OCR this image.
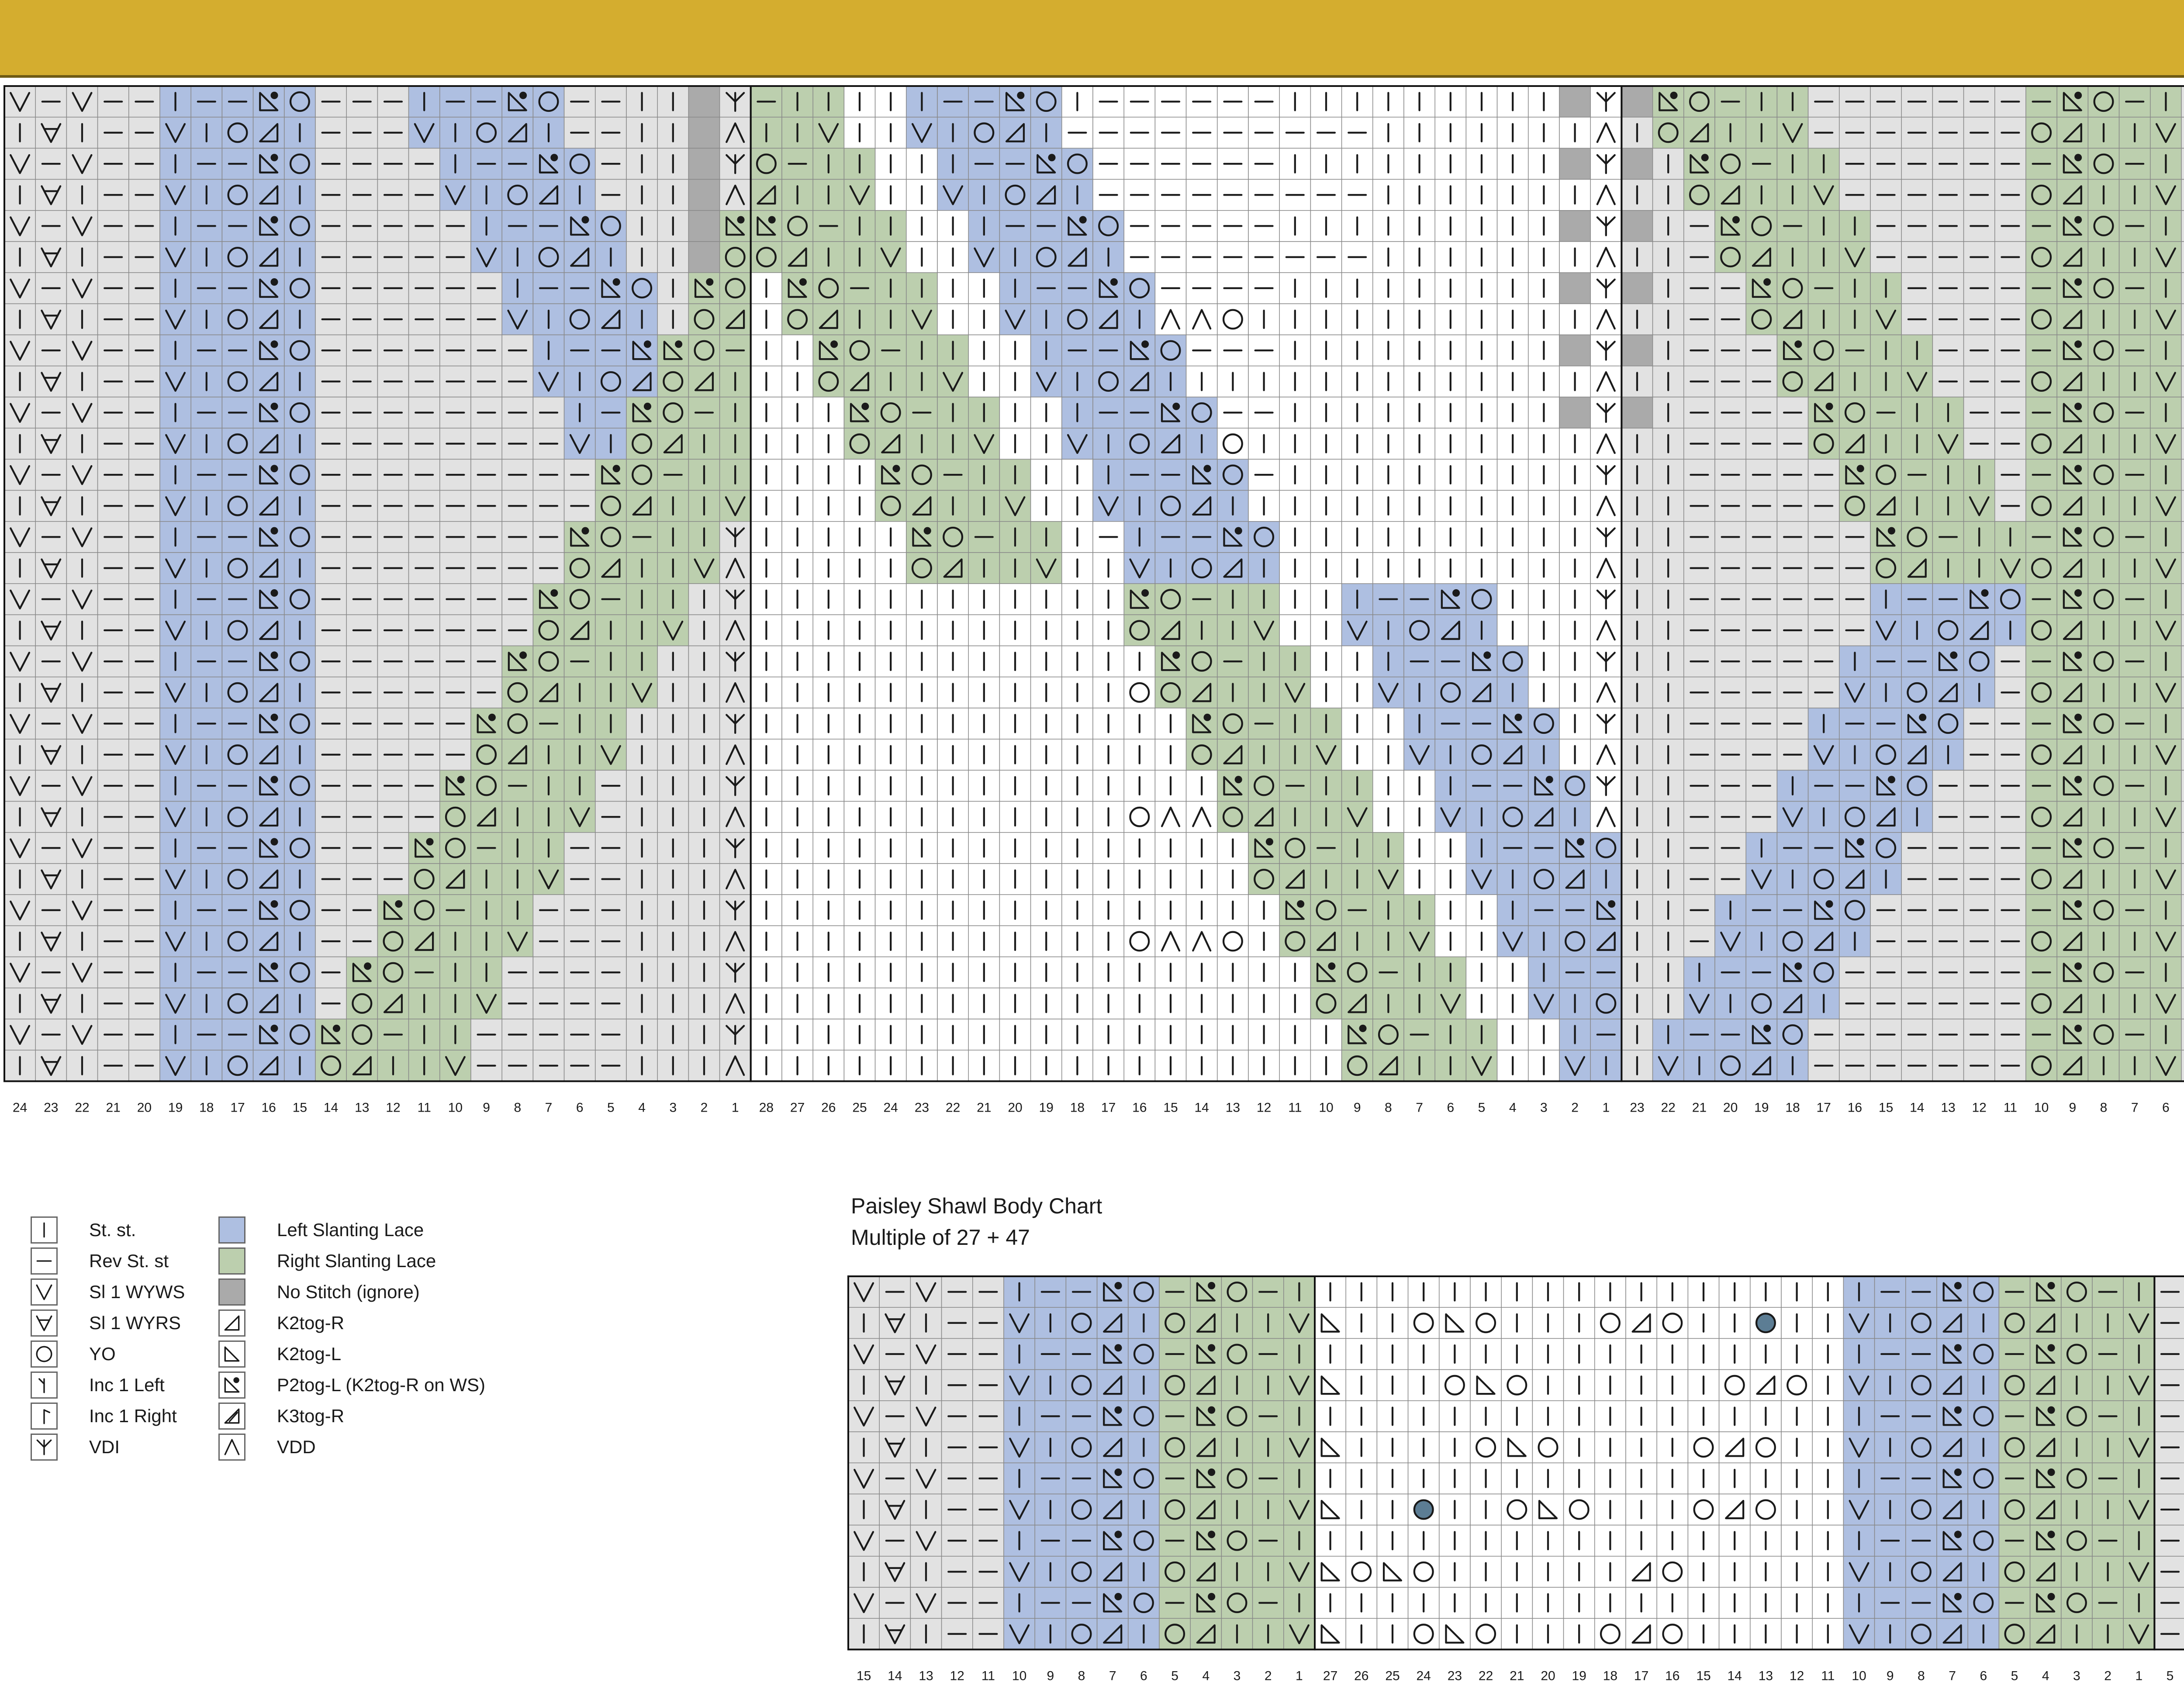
24 23 22 21 20 19 18 17 16 15 14 13 12 11 10 9 8 7 6 5 4 3 2 1 28 27 26 25 24 23 22 21 20 19 18 17 16 15 14 13 12 11 10 9 8 7 6 5 4 3 2 1 23 22 21 20 19 18 17 16 15 14 13 12 11 10 9 8 7 6
St. st.
Rev St. st
Sl 1 WYWS
Sl 1 WYRS
YO
Inc 1 Left
Inc 1 Right
VDI
Left Slanting Lace
Right Slanting Lace
No Stitch (ignore)
K2tog-R
K2tog-L
P2tog-L (K2tog-R on WS)
K3tog-R
VDD
Paisley Shawl Body Chart
Multiple of 27 + 47
15 14 13 12 11 10 9 8 7 6 5 4 3 2 1 27 26 25 24 23 22 21 20 19 18 17 16 15 14 13 12 11 10 9 8 7 6 5 4 3 2 1 5
